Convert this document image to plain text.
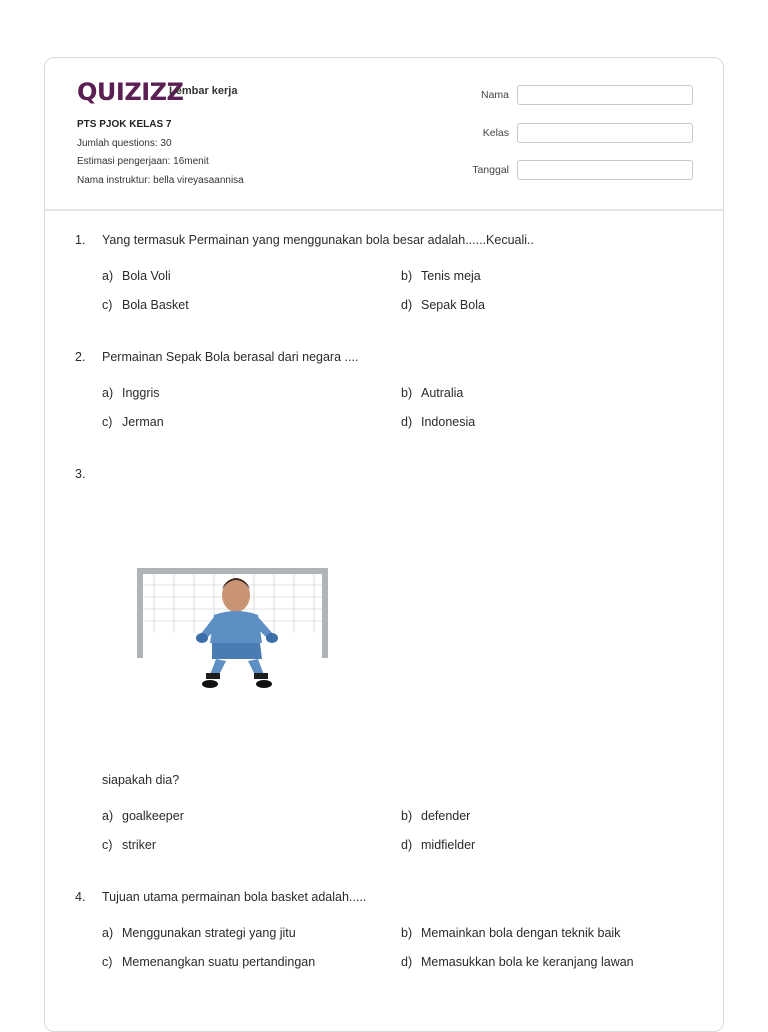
QUIZIZZ
Lembar kerja
PTS PJOK KELAS 7
Jumlah questions: 30
Estimasi pengerjaan: 16menit
Nama instruktur: bella vireyasaannisa
Nama
Kelas
Tanggal
1. Yang termasuk Permainan yang menggunakan bola besar adalah......Kecuali..
a) Bola Voli	b) Tenis meja
c) Bola Basket	d) Sepak Bola
2. Permainan Sepak Bola berasal dari negara ....
a) Inggris	b) Autralia
c) Jerman	d) Indonesia
3.
siapakah dia?
a) goalkeeper	b) defender
c) striker	d) midfielder
4. Tujuan utama permainan bola basket adalah.....
a) Menggunakan strategi yang jitu	b) Memainkan bola dengan teknik baik
c) Memenangkan suatu pertandingan	d) Memasukkan bola ke keranjang lawan
